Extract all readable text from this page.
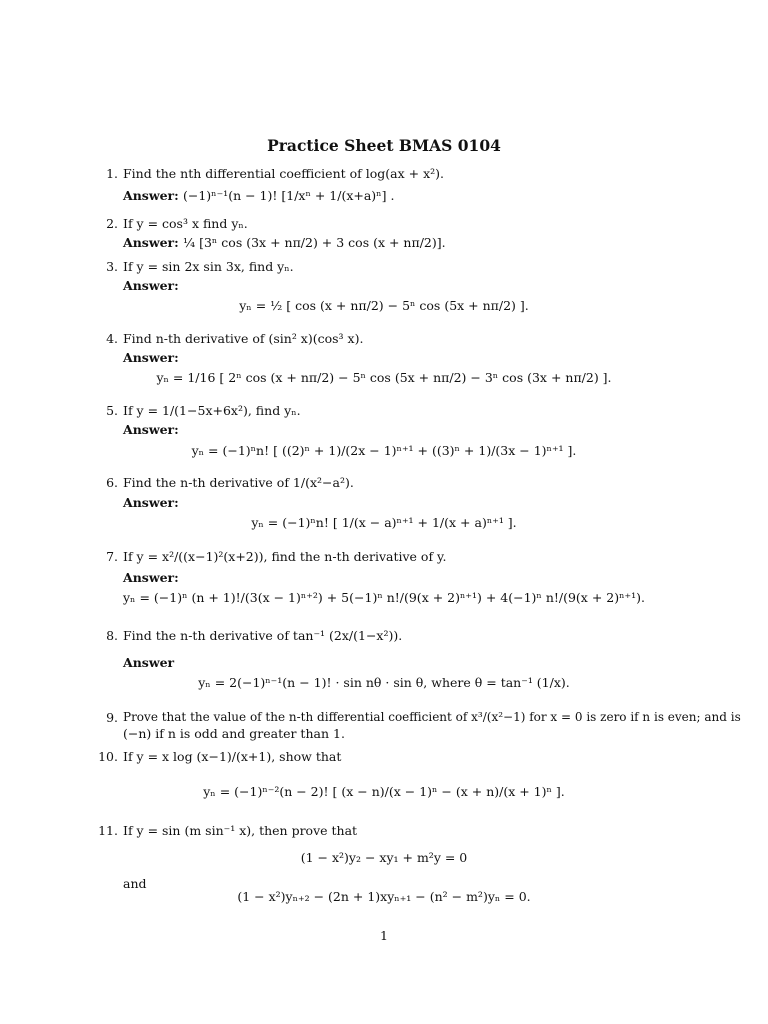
Practice Sheet BMAS 0104
1. Find the nth differential coefficient of log(ax + x²).
Answer: (−1)ⁿ⁻¹(n − 1)! [1/xⁿ + 1/(x+a)ⁿ] .
2. If y = cos³ x find yₙ.
Answer: ¼ [3ⁿ cos (3x + nπ/2) + 3 cos (x + nπ/2)].
3. If y = sin 2x sin 3x, find yₙ.
Answer:
yₙ = ½ [ cos (x + nπ/2) − 5ⁿ cos (5x + nπ/2) ].
4. Find n-th derivative of (sin² x)(cos³ x).
Answer:
yₙ = 1/16 [ 2ⁿ cos (x + nπ/2) − 5ⁿ cos (5x + nπ/2) − 3ⁿ cos (3x + nπ/2) ].
5. If y = 1/(1−5x+6x²), find yₙ.
Answer:
yₙ = (−1)ⁿn! [ ((2)ⁿ + 1)/(2x − 1)ⁿ⁺¹ + ((3)ⁿ + 1)/(3x − 1)ⁿ⁺¹ ].
6. Find the n-th derivative of 1/(x²−a²).
Answer:
yₙ = (−1)ⁿn! [ 1/(x − a)ⁿ⁺¹ + 1/(x + a)ⁿ⁺¹ ].
7. If y = x²/((x−1)²(x+2)), find the n-th derivative of y.
Answer:
yₙ = (−1)ⁿ (n + 1)!/(3(x − 1)ⁿ⁺²) + 5(−1)ⁿ n!/(9(x + 2)ⁿ⁺¹) + 4(−1)ⁿ n!/(9(x + 2)ⁿ⁺¹).
8. Find the n-th derivative of tan⁻¹ (2x/(1−x²)).
Answer
yₙ = 2(−1)ⁿ⁻¹(n − 1)! · sin nθ · sin θ, where θ = tan⁻¹ (1/x).
9. Prove that the value of the n-th differential coefficient of x³/(x²−1) for x = 0 is zero if n is even; and is
(−n) if n is odd and greater than 1.
10. If y = x log (x−1)/(x+1), show that
yₙ = (−1)ⁿ⁻²(n − 2)! [ (x − n)/(x − 1)ⁿ − (x + n)/(x + 1)ⁿ ].
11. If y = sin (m sin⁻¹ x), then prove that
(1 − x²)y₂ − xy₁ + m²y = 0
and
(1 − x²)yₙ₊₂ − (2n + 1)xyₙ₊₁ − (n² − m²)yₙ = 0.
1
